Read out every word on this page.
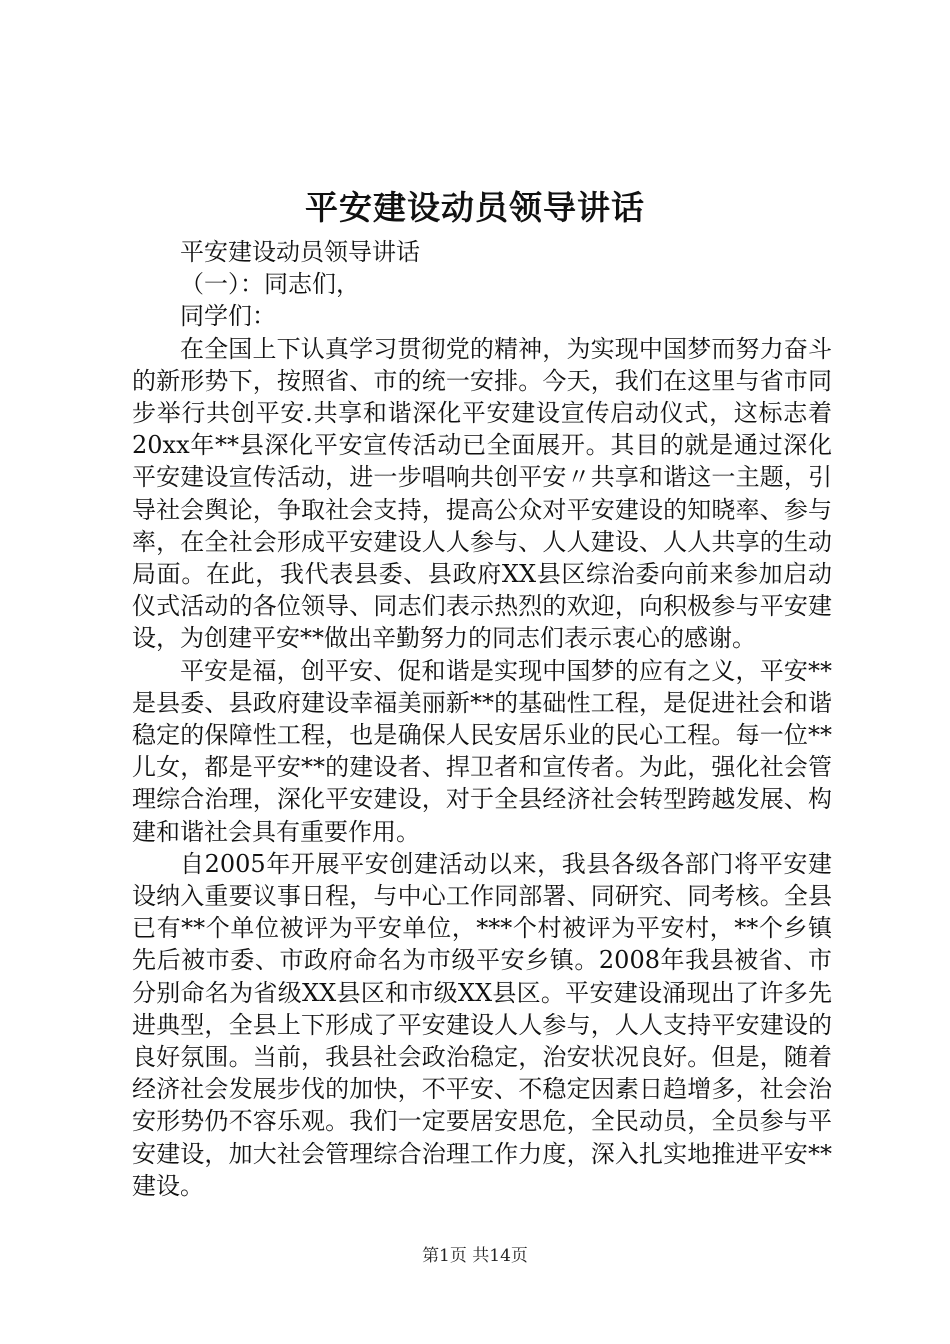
平安建设动员领导讲话

平安建设动员领导讲话

（一）：同志们，

同学们：

在全国上下认真学习贯彻党的精神，为实现中国梦而努力奋斗的新形势下，按照省、市的统一安排。今天，我们在这里与省市同步举行共创平安.共享和谐深化平安建设宣传启动仪式，这标志着20xx年**县深化平安宣传活动已全面展开。其目的就是通过深化平安建设宣传活动，进一步唱响共创平安〃共享和谐这一主题，引导社会舆论，争取社会支持，提高公众对平安建设的知晓率、参与率，在全社会形成平安建设人人参与、人人建设、人人共享的生动局面。在此，我代表县委、县政府XX县区综治委向前来参加启动仪式活动的各位领导、同志们表示热烈的欢迎，向积极参与平安建设，为创建平安**做出辛勤努力的同志们表示衷心的感谢。

平安是福，创平安、促和谐是实现中国梦的应有之义，平安**是县委、县政府建设幸福美丽新**的基础性工程，是促进社会和谐稳定的保障性工程，也是确保人民安居乐业的民心工程。每一位**儿女，都是平安**的建设者、捍卫者和宣传者。为此，强化社会管理综合治理，深化平安建设，对于全县经济社会转型跨越发展、构建和谐社会具有重要作用。

自2005年开展平安创建活动以来，我县各级各部门将平安建设纳入重要议事日程，与中心工作同部署、同研究、同考核。全县已有**个单位被评为平安单位，***个村被评为平安村，**个乡镇先后被市委、市政府命名为市级平安乡镇。2008年我县被省、市分别命名为省级XX县区和市级XX县区。平安建设涌现出了许多先进典型，全县上下形成了平安建设人人参与，人人支持平安建设的良好氛围。当前，我县社会政治稳定，治安状况良好。但是，随着经济社会发展步伐的加快，不平安、不稳定因素日趋增多，社会治安形势仍不容乐观。我们一定要居安思危，全民动员，全员参与平安建设，加大社会管理综合治理工作力度，深入扎实地推进平安**建设。

第1页 共14页
